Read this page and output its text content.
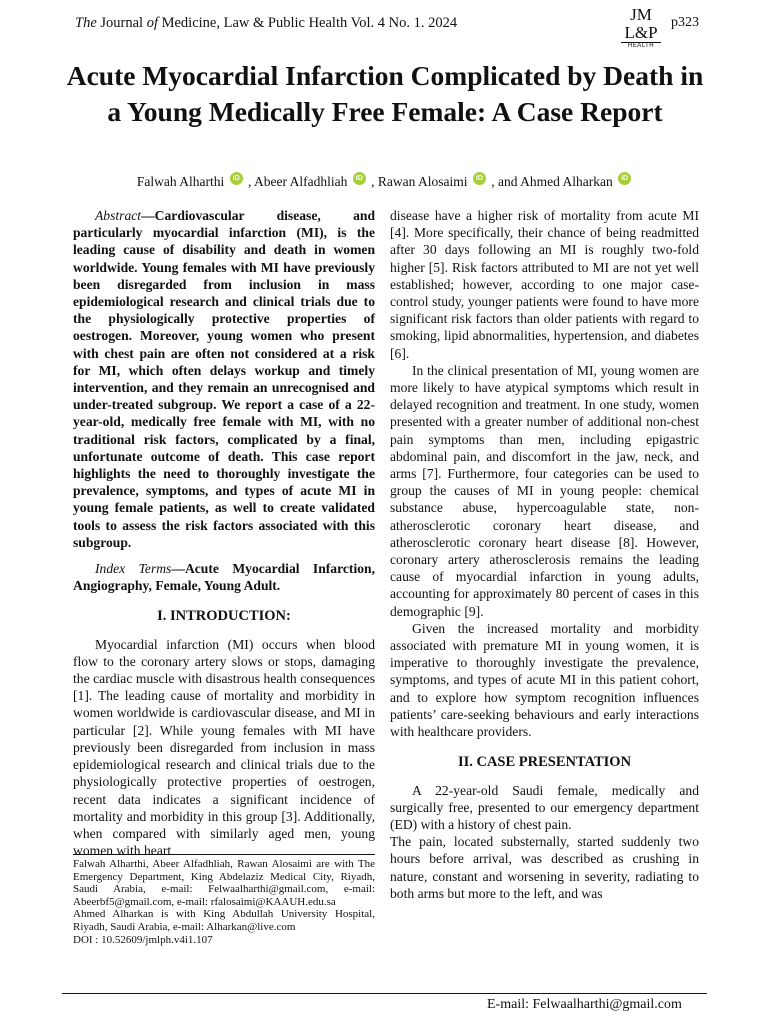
The Journal of Medicine, Law & Public Health Vol. 4 No. 1. 2024	JM
L&P
HEALTH
p323
Acute Myocardial Infarction Complicated by Death in a Young Medically Free Female: A Case Report
Falwah Alharthi iD , Abeer Alfadhliah iD , Rawan Alosaimi iD , and Ahmed Alharkan iD

Abstract—Cardiovascular disease, and particularly myocardial infarction (MI), is the leading cause of disability and death in women worldwide. Young females with MI have previously been disregarded from inclusion in mass epidemiological research and clinical trials due to the physiologically protective properties of oestrogen. Moreover, young women who present with chest pain are often not considered at a risk for MI, which often delays workup and timely intervention, and they remain an unrecognised and under-treated subgroup. We report a case of a 22-year-old, medically free female with MI, with no traditional risk factors, complicated by a final, unfortunate outcome of death. This case report highlights the need to thoroughly investigate the prevalence, symptoms, and types of acute MI in young female patients, as well to create validated tools to assess the risk factors associated with this subgroup.

Index Terms—Acute Myocardial Infarction, Angiography, Female, Young Adult.

I. INTRODUCTION:

Myocardial infarction (MI) occurs when blood flow to the coronary artery slows or stops, damaging the cardiac muscle with disastrous health consequences [1]. The leading cause of mortality and morbidity in women worldwide is cardiovascular disease, and MI in particular [2]. While young females with MI have previously been disregarded from inclusion in mass epidemiological research and clinical trials due to the physiologically protective properties of oestrogen, recent data indicates a significant incidence of mortality and morbidity in this group [3]. Additionally, when compared with similarly aged men, young women with heart

Falwah Alharthi, Abeer Alfadhliah, Rawan Alosaimi are with The Emergency Department, King Abdelaziz Medical City, Riyadh, Saudi Arabia, e-mail: Felwaalharthi@gmail.com, e-mail: Abeerbf5@gmail.com, e-mail: rfalosaimi@KAAUH.edu.sa

Ahmed Alharkan is with King Abdullah University Hospital, Riyadh, Saudi Arabia, e-mail: Alharkan@live.com

DOI : 10.52609/jmlph.v4i1.107

disease have a higher risk of mortality from acute MI [4]. More specifically, their chance of being readmitted after 30 days following an MI is roughly two-fold higher [5]. Risk factors attributed to MI are not yet well established; however, according to one major case-control study, younger patients were found to have more significant risk factors than older patients with regard to smoking, lipid abnormalities, hypertension, and diabetes [6].

In the clinical presentation of MI, young women are more likely to have atypical symptoms which result in delayed recognition and treatment. In one study, women presented with a greater number of additional non-chest pain symptoms than men, including epigastric abdominal pain, and discomfort in the jaw, neck, and arms [7]. Furthermore, four categories can be used to group the causes of MI in young people: chemical substance abuse, hypercoagulable state, non-atherosclerotic coronary heart disease, and atherosclerotic coronary heart disease [8]. However, coronary artery atherosclerosis remains the leading cause of myocardial infarction in young adults, accounting for approximately 80 percent of cases in this demographic [9].

Given the increased mortality and morbidity associated with premature MI in young women, it is imperative to thoroughly investigate the prevalence, symptoms, and types of acute MI in this patient cohort, and to explore how symptom recognition influences patients’ care-seeking behaviours and early interactions with healthcare providers.

II. CASE PRESENTATION

A 22-year-old Saudi female, medically and surgically free, presented to our emergency department (ED) with a history of chest pain.

The pain, located substernally, started suddenly two hours before arrival, was described as crushing in nature, constant and worsening in severity, radiating to both arms but more to the left, and was

E-mail: Felwaalharthi@gmail.com
